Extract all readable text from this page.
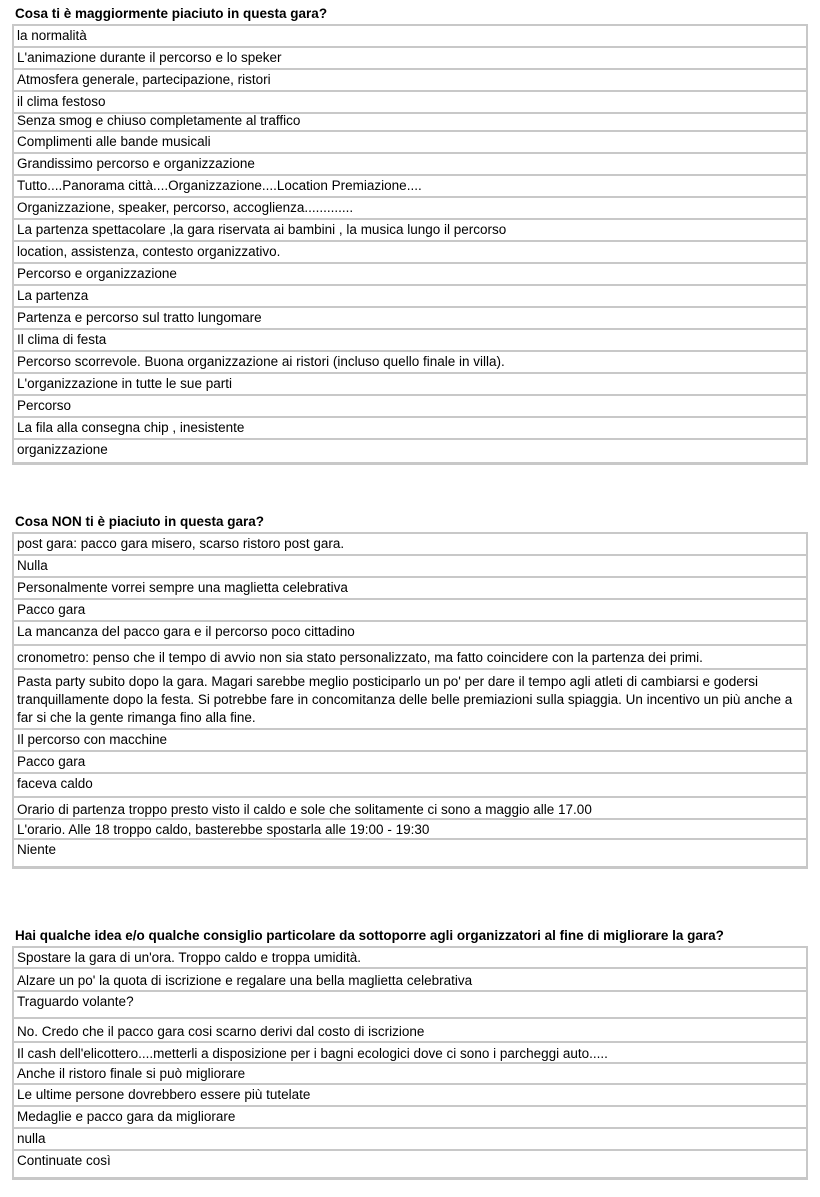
Cosa ti è maggiormente piaciuto in questa gara?
la normalità
L'animazione durante il percorso e lo speker
Atmosfera generale, partecipazione, ristori
il clima festoso
Senza smog e chiuso completamente al traffico
Complimenti alle bande musicali
Grandissimo percorso e organizzazione
Tutto....Panorama città....Organizzazione....Location Premiazione....
Organizzazione, speaker, percorso, accoglienza.............
La partenza spettacolare ,la gara riservata ai bambini , la musica lungo il percorso
location, assistenza, contesto organizzativo.
Percorso e organizzazione
La partenza
Partenza e percorso sul tratto lungomare
Il clima di festa
Percorso scorrevole. Buona organizzazione ai ristori (incluso quello finale in villa).
L'organizzazione in tutte le sue parti
Percorso
La fila alla consegna chip , inesistente
organizzazione
Cosa NON ti è piaciuto in questa gara?
post gara: pacco gara misero, scarso ristoro post gara.
Nulla
Personalmente vorrei sempre una maglietta celebrativa
Pacco gara
La mancanza del pacco gara e il percorso poco cittadino
cronometro: penso che il tempo di avvio non sia stato personalizzato, ma fatto coincidere con la partenza dei primi.
Pasta party subito dopo la gara. Magari sarebbe meglio posticiparlo un po' per dare il tempo agli atleti di cambiarsi e godersi tranquillamente dopo la festa. Si potrebbe fare in concomitanza delle belle premiazioni sulla spiaggia. Un incentivo un più anche a far si che la gente rimanga fino alla fine.
Il percorso con macchine
Pacco gara
faceva caldo
Orario di partenza troppo presto visto il caldo e sole che solitamente ci sono a maggio alle 17.00
L'orario. Alle 18 troppo caldo, basterebbe spostarla alle 19:00 - 19:30
Niente
Hai qualche idea e/o qualche consiglio particolare da sottoporre agli organizzatori al fine di migliorare la gara?
Spostare la gara di un'ora. Troppo caldo e troppa umidità.
Alzare un po' la quota di iscrizione e regalare una bella maglietta celebrativa
Traguardo volante?
No. Credo che il pacco gara cosi scarno derivi dal costo di iscrizione
Il cash dell'elicottero....metterli a disposizione per i bagni ecologici dove ci sono i parcheggi auto.....
Anche il ristoro finale si può migliorare
Le ultime persone dovrebbero essere più tutelate
Medaglie e pacco gara da migliorare
nulla
Continuate così
